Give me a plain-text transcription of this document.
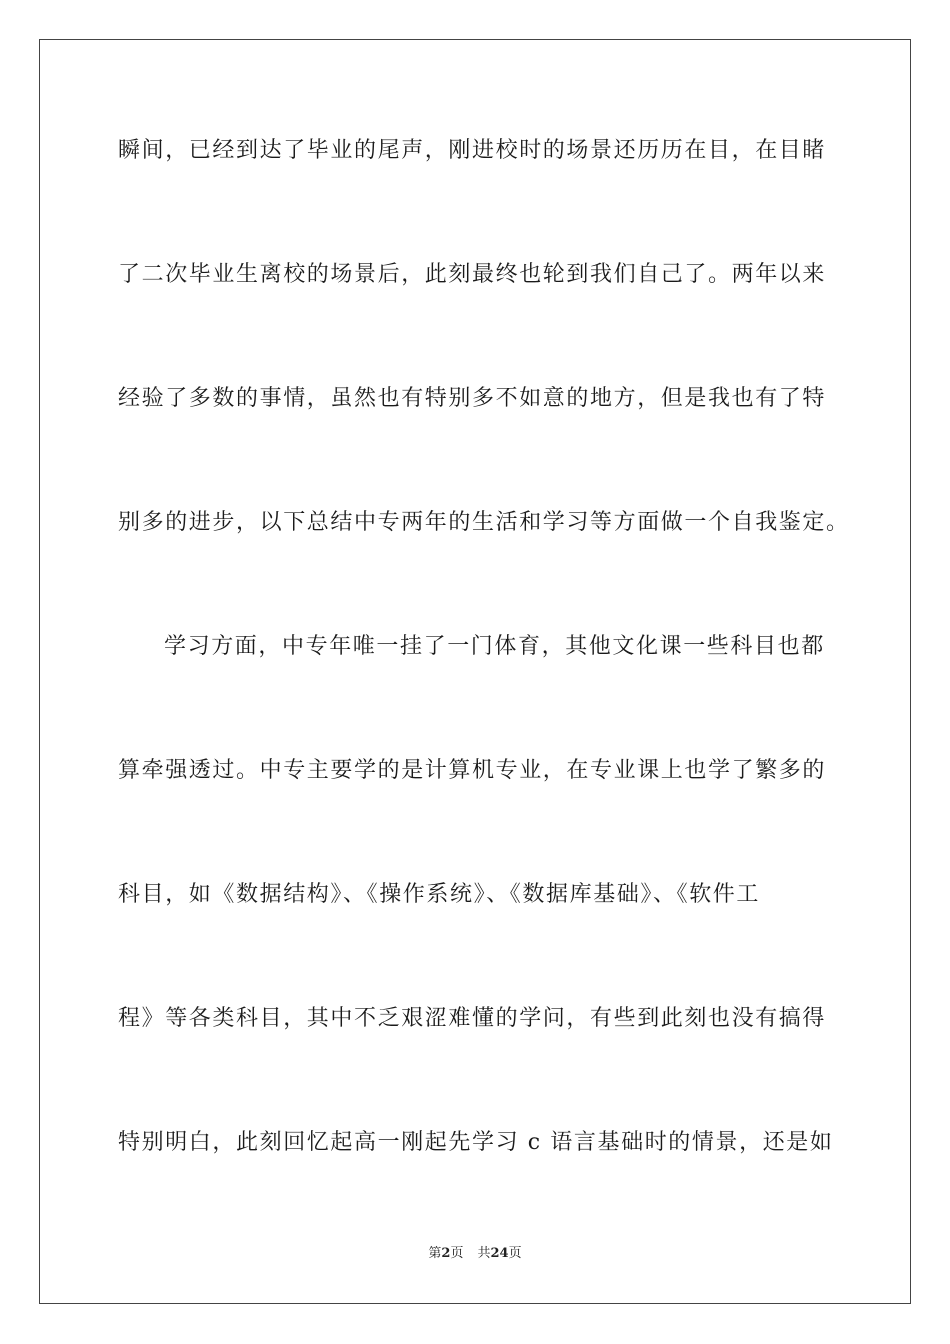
瞬间，已经到达了毕业的尾声，刚进校时的场景还历历在目，在目睹
了二次毕业生离校的场景后，此刻最终也轮到我们自己了。两年以来
经验了多数的事情，虽然也有特别多不如意的地方，但是我也有了特
别多的进步，以下总结中专两年的生活和学习等方面做一个自我鉴定。
学习方面，中专年唯一挂了一门体育，其他文化课一些科目也都
算牵强透过。中专主要学的是计算机专业，在专业课上也学了繁多的
科目，如《数据结构》、《操作系统》、《数据库基础》、《软件工
程》等各类科目，其中不乏艰涩难懂的学问，有些到此刻也没有搞得
特别明白，此刻回忆起高一刚起先学习 c 语言基础时的情景，还是如
第2页 共24页
